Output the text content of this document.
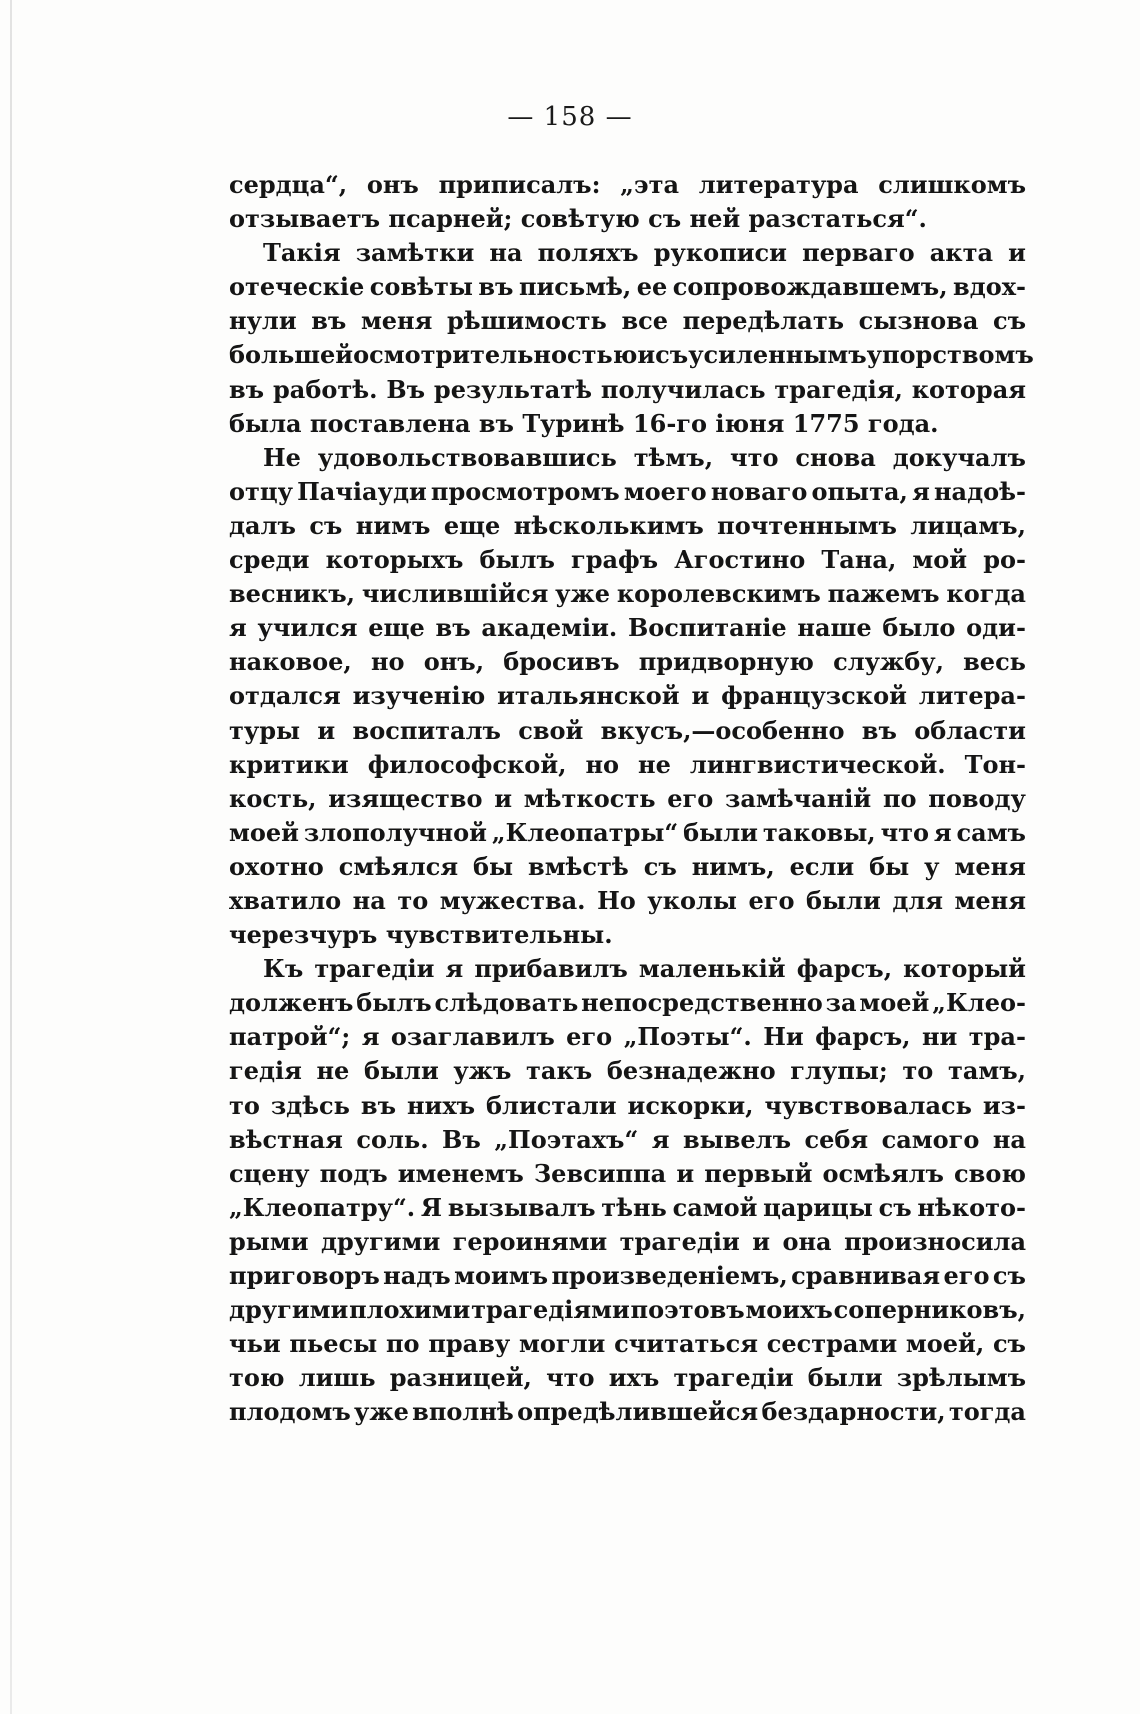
— 158 —
сердца“, онъ приписалъ: „эта литература слишкомъ
отзываетъ
псарней;
совѣтую
съ
ней
разстаться“.
Такія замѣтки на поляхъ рукописи перваго акта и
отеческіе совѣты въ письмѣ, ее сопровождавшемъ, вдох-
нули въ меня рѣшимость все передѣлать сызнова съ
большей осмотрительностью и съ усиленнымъ упорствомъ
въ работѣ. Въ результатѣ получилась трагедія, которая
была
поставлена
въ
Туринѣ
16-го
іюня
1775
года.
Не удовольствовавшись тѣмъ, что снова докучалъ
отцу Пачіауди просмотромъ моего новаго опыта, я надоѣ-
далъ съ нимъ еще нѣсколькимъ почтеннымъ лицамъ,
среди которыхъ былъ графъ Агостино Тана, мой ро-
весникъ, числившійся уже королевскимъ пажемъ когда
я учился еще въ академіи. Воспитаніе наше было оди-
наковое, но онъ, бросивъ придворную службу, весь
отдался изученію итальянской и французской литера-
туры и воспиталъ свой вкусъ,—особенно въ области
критики философской, но не лингвистической. Тон-
кость, изящество и мѣткость его замѣчаній по поводу
моей злополучной „Клеопатры“ были таковы, что я самъ
охотно смѣялся бы вмѣстѣ съ нимъ, если бы у меня
хватило на то мужества. Но уколы его были для меня
черезчуръ
чувствительны.
Къ трагедіи я прибавилъ маленькій фарсъ, который
долженъ былъ слѣдовать непосредственно за моей „Клео-
патрой“; я озаглавилъ его „Поэты“. Ни фарсъ, ни тра-
гедія не были ужъ такъ безнадежно глупы; то тамъ,
то здѣсь въ нихъ блистали искорки, чувствовалась из-
вѣстная соль. Въ „Поэтахъ“ я вывелъ себя самого на
сцену подъ именемъ Зевсиппа и первый осмѣялъ свою
„Клеопатру“. Я вызывалъ тѣнь самой царицы съ нѣкото-
рыми другими героинями трагедіи и она произносила
приговоръ надъ моимъ произведеніемъ, сравнивая его съ
другими плохими трагедіями поэтовъ моихъ соперниковъ,
чьи пьесы по праву могли считаться сестрами моей, съ
тою лишь разницей, что ихъ трагедіи были зрѣлымъ
плодомъ уже вполнѣ опредѣлившейся бездарности, тогда
